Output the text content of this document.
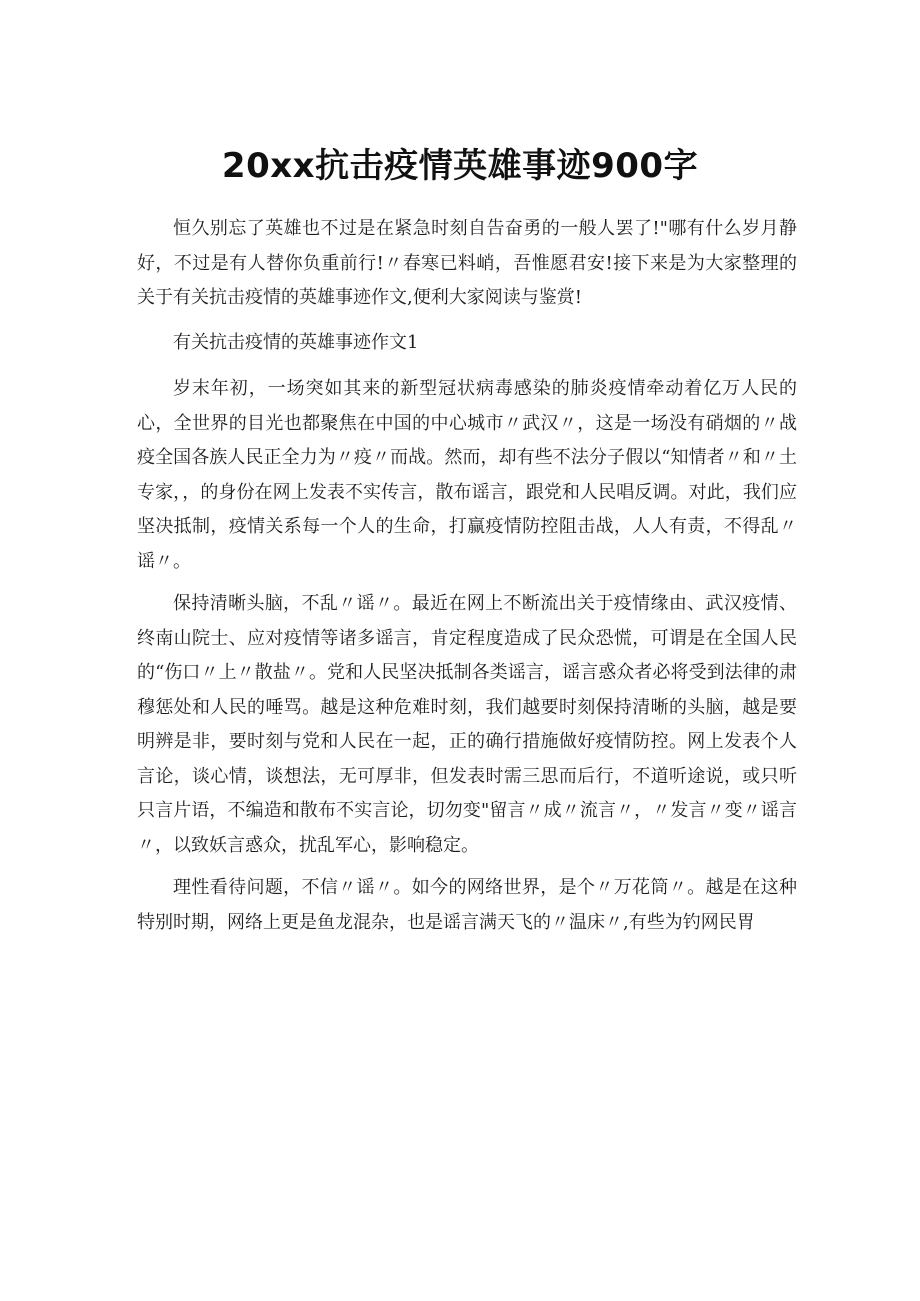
20xx抗击疫情英雄事迹900字

恒久别忘了英雄也不过是在紧急时刻自告奋勇的一般人罢了!"哪有什么岁月静好，不过是有人替你负重前行!〃春寒已料峭，吾惟愿君安!接下来是为大家整理的关于有关抗击疫情的英雄事迹作文,便利大家阅读与鉴赏!

有关抗击疫情的英雄事迹作文1

岁末年初，一场突如其来的新型冠状病毒感染的肺炎疫情牵动着亿万人民的心，全世界的目光也都聚焦在中国的中心城市〃武汉〃，这是一场没有硝烟的〃战疫全国各族人民正全力为〃疫〃而战。然而，却有些不法分子假以“知情者〃和〃土专家，，的身份在网上发表不实传言，散布谣言，跟党和人民唱反调。对此，我们应坚决抵制，疫情关系每一个人的生命，打赢疫情防控阻击战，人人有责，不得乱〃谣〃。

保持清晰头脑，不乱〃谣〃。最近在网上不断流出关于疫情缘由、武汉疫情、终南山院士、应对疫情等诸多谣言，肯定程度造成了民众恐慌，可谓是在全国人民的“伤口〃上〃散盐〃。党和人民坚决抵制各类谣言，谣言惑众者必将受到法律的肃穆惩处和人民的唾骂。越是这种危难时刻，我们越要时刻保持清晰的头脑，越是要明辨是非，要时刻与党和人民在一起，正的确行措施做好疫情防控。网上发表个人言论，谈心情，谈想法，无可厚非，但发表时需三思而后行，不道听途说，或只听只言片语，不编造和散布不实言论，切勿变"留言〃成〃流言〃，〃发言〃变〃谣言〃，以致妖言惑众，扰乱军心，影响稳定。

理性看待问题，不信〃谣〃。如今的网络世界，是个〃万花筒〃。越是在这种特别时期，网络上更是鱼龙混杂，也是谣言满天飞的〃温床〃,有些为钓网民胃
